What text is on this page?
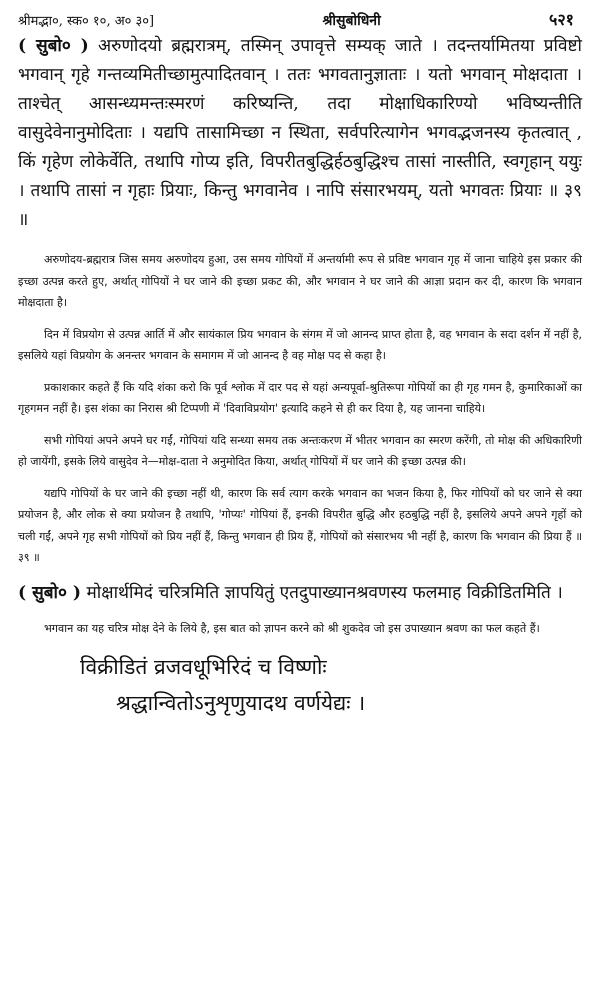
श्रीमद्भा०, स्क० १०, अ० ३०]	श्रीसुबोधिनी	५२१

( सुबो० ) अरुणोदयो ब्रह्मरात्रम्, तस्मिन् उपावृत्ते सम्यक् जाते । तदन्तर्यामितया प्रविष्टो भगवान् गृहे गन्तव्यमितीच्छामुत्पादितवान् । ततः भगवतानुज्ञाताः । यतो भगवान् मोक्षदाता । ताश्चेत् आसन्ध्यमन्तःस्मरणं करिष्यन्ति, तदा मोक्षाधिकारिण्यो भविष्यन्तीति वासुदेवेनानुमोदिताः । यद्यपि तासामिच्छा न स्थिता, सर्वपरित्यागेन भगवद्भजनस्य कृतत्वात् , किं गृहेण लोकेर्वेति, तथापि गोप्य इति, विपरीतबुद्धिर्हठबुद्धिश्च तासां नास्तीति, स्वगृहान् ययुः । तथापि तासां न गृहाः प्रियाः, किन्तु भगवानेव । नापि संसारभयम्, यतो भगवतः प्रियाः ॥ ३९ ॥

अरुणोदय-ब्रह्मरात्र जिस समय अरुणोदय हुआ, उस समय गोपियों में अन्तर्यामी रूप से प्रविष्ट भगवान गृह में जाना चाहिये इस प्रकार की इच्छा उत्पन्न करते हुए, अर्थात् गोपियों ने घर जाने की इच्छा प्रकट की, और भगवान ने घर जाने की आज्ञा प्रदान कर दी, कारण कि भगवान मोक्षदाता है।

दिन में विप्रयोग से उत्पन्न आर्ति में और सायंकाल प्रिय भगवान के संगम में जो आनन्द प्राप्त होता है, वह भगवान के सदा दर्शन में नहीं है, इसलिये यहां विप्रयोग के अनन्तर भगवान के समागम में जो आनन्द है वह मोक्ष पद से कहा है।

प्रकाशकार कहते हैं कि यदि शंका करो कि पूर्व श्लोक में दार पद से यहां अन्यपूर्वा-श्रुतिरूपा गोपियों का ही गृह गमन है, कुमारिकाओं का गृहगमन नहीं है। इस शंका का निरास श्री टिप्पणी में 'दिवाविप्रयोग' इत्यादि कहने से ही कर दिया है, यह जानना चाहिये।

सभी गोपियां अपने अपने घर गईं, गोपियां यदि सन्ध्या समय तक अन्तःकरण में भीतर भगवान का स्मरण करेंगी, तो मोक्ष की अधिकारिणी हो जायेंगी, इसके लिये वासुदेव ने—मोक्ष-दाता ने अनुमोदित किया, अर्थात् गोपियों में घर जाने की इच्छा उत्पन्न की।

यद्यपि गोपियों के घर जाने की इच्छा नहीं थी, कारण कि सर्व त्याग करके भगवान का भजन किया है, फिर गोपियों को घर जाने से क्या प्रयोजन है, और लोक से क्या प्रयोजन है तथापि, 'गोप्यः' गोपियां हैं, इनकी विपरीत बुद्धि और हठबुद्धि नहीं है, इसलिये अपने अपने गृहों को चली गईं, अपने गृह सभी गोपियों को प्रिय नहीं हैं, किन्तु भगवान ही प्रिय हैं, गोपियों को संसारभय भी नहीं है, कारण कि भगवान की प्रिया हैं ॥ ३९ ॥

( सुबो० ) मोक्षार्थमिदं चरित्रमिति ज्ञापयितुं एतदुपाख्यानश्रवणस्य फलमाह विक्रीडितमिति ।

भगवान का यह चरित्र मोक्ष देने के लिये है, इस बात को ज्ञापन करने को श्री शुकदेव जो इस उपाख्यान श्रवण का फल कहते हैं।

विक्रीडितं व्रजवधूभिरिदं च विष्णोः
श्रद्धान्वितोऽनुशृणुयादथ वर्णयेद्यः ।
